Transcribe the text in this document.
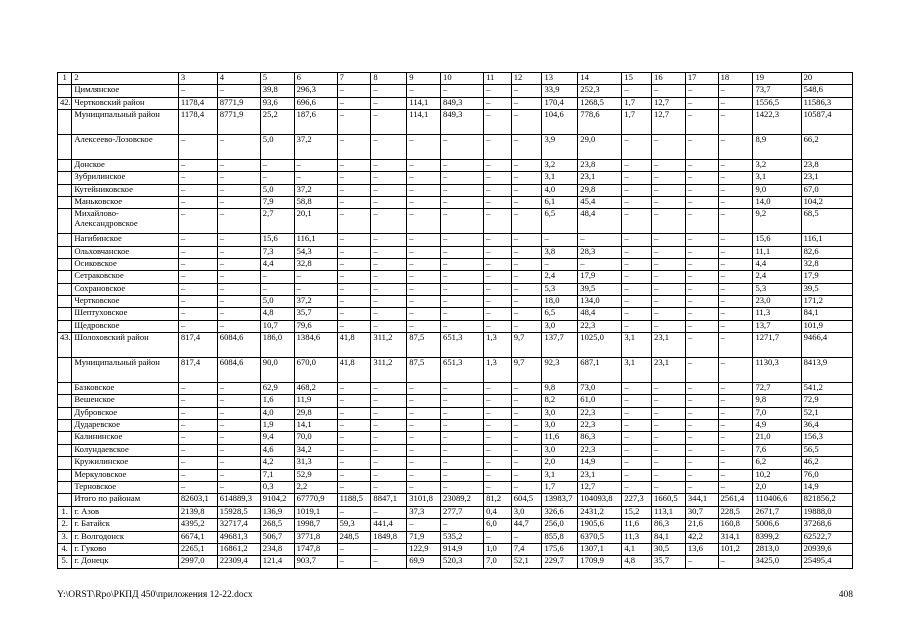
1	2	3	4	5	6	7	8	9	10	11	12	13	14	15	16	17	18	19	20
	Цимлянское	–	–	39,8	296,3	–	–	–	–	–	–	33,9	252,3	–	–	–	–	73,7	548,6
42.	Чертковский район	1178,4	8771,9	93,6	696,6	–	–	114,1	849,3	–	–	170,4	1268,5	1,7	12,7	–	–	1556,5	11586,3
	Муниципальный район	1178,4	8771,9	25,2	187,6	–	–	114,1	849,3	–	–	104,6	778,6	1,7	12,7	–	–	1422,3	10587,4
	Алексеево-Лозовское	–	–	5,0	37,2	–	–	–	–	–	–	3,9	29,0	–	–	–	–	8,9	66,2
	Донское	–	–	–	–	–	–	–	–	–	–	3,2	23,8	–	–	–	–	3,2	23,8
	Зубрилинское	–	–	–	–	–	–	–	–	–	–	3,1	23,1	–	–	–	–	3,1	23,1
	Кутейниковское	–	–	5,0	37,2	–	–	–	–	–	–	4,0	29,8	–	–	–	–	9,0	67,0
	Маньковское	–	–	7,9	58,8	–	–	–	–	–	–	6,1	45,4	–	–	–	–	14,0	104,2
	Михайлово-Александровское	–	–	2,7	20,1	–	–	–	–	–	–	6,5	48,4	–	–	–	–	9,2	68,5
	Нагибинское	–	–	15,6	116,1	–	–	–	–	–	–	–	–	–	–	–	–	15,6	116,1
	Ольховчанское	–	–	7,3	54,3	–	–	–	–	–	–	3,8	28,3	–	–	–	–	11,1	82,6
	Осиковское	–	–	4,4	32,8	–	–	–	–	–	–	–	–	–	–	–	–	4,4	32,8
	Сетраковское	–	–	–	–	–	–	–	–	–	–	2,4	17,9	–	–	–	–	2,4	17,9
	Сохрановское	–	–	–	–	–	–	–	–	–	–	5,3	39,5	–	–	–	–	5,3	39,5
	Чертковское	–	–	5,0	37,2	–	–	–	–	–	–	18,0	134,0	–	–	–	–	23,0	171,2
	Шептуховское	–	–	4,8	35,7	–	–	–	–	–	–	6,5	48,4	–	–	–	–	11,3	84,1
	Щедровское	–	–	10,7	79,6	–	–	–	–	–	–	3,0	22,3	–	–	–	–	13,7	101,9
43.	Шолоховский район	817,4	6084,6	186,0	1384,6	41,8	311,2	87,5	651,3	1,3	9,7	137,7	1025,0	3,1	23,1	–	–	1271,7	9466,4
	Муниципальный район	817,4	6084,6	90,0	670,0	41,8	311,2	87,5	651,3	1,3	9,7	92,3	687,1	3,1	23,1	–	–	1130,3	8413,9
	Базковское	–	–	62,9	468,2	–	–	–	–	–	–	9,8	73,0	–	–	–	–	72,7	541,2
	Вешенское	–	–	1,6	11,9	–	–	–	–	–	–	8,2	61,0	–	–	–	–	9,8	72,9
	Дубровское	–	–	4,0	29,8	–	–	–	–	–	–	3,0	22,3	–	–	–	–	7,0	52,1
	Дударевское	–	–	1,9	14,1	–	–	–	–	–	–	3,0	22,3	–	–	–	–	4,9	36,4
	Калининское	–	–	9,4	70,0	–	–	–	–	–	–	11,6	86,3	–	–	–	–	21,0	156,3
	Колундаевское	–	–	4,6	34,2	–	–	–	–	–	–	3,0	22,3	–	–	–	–	7,6	56,5
	Кружилинское	–	–	4,2	31,3	–	–	–	–	–	–	2,0	14,9	–	–	–	–	6,2	46,2
	Меркуловское	–	–	7,1	52,9	–	–	–	–	–	–	3,1	23,1	–	–	–	–	10,2	76,0
	Терновское	–	–	0,3	2,2	–	–	–	–	–	–	1,7	12,7	–	–	–	–	2,0	14,9
	Итого по районам	82603,1	614889,3	9104,2	67770,9	1188,5	8847,1	3101,8	23089,2	81,2	604,5	13983,7	104093,8	227,3	1660,5	344,1	2561,4	110406,6	821856,2
1.	г. Азов	2139,8	15928,5	136,9	1019,1	–	–	37,3	277,7	0,4	3,0	326,6	2431,2	15,2	113,1	30,7	228,5	2671,7	19888,0
2.	г. Батайск	4395,2	32717,4	268,5	1998,7	59,3	441,4	–	–	6,0	44,7	256,0	1905,6	11,6	86,3	21,6	160,8	5006,6	37268,6
3.	г. Волгодонск	6674,1	49681,3	506,7	3771,8	248,5	1849,8	71,9	535,2	–	–	855,8	6370,5	11,3	84,1	42,2	314,1	8399,2	62522,7
4.	г. Гуково	2265,1	16861,2	234,8	1747,8	–	–	122,9	914,9	1,0	7,4	175,6	1307,1	4,1	30,5	13,6	101,2	2813,0	20939,6
5.	г. Донецк	2997,0	22309,4	121,4	903,7	–	–	69,9	520,3	7,0	52,1	229,7	1709,9	4,8	35,7	–	–	3425,0	25495,4
Y:\ORST\Rpo\РКПД 450\приложения 12-22.docx	408
